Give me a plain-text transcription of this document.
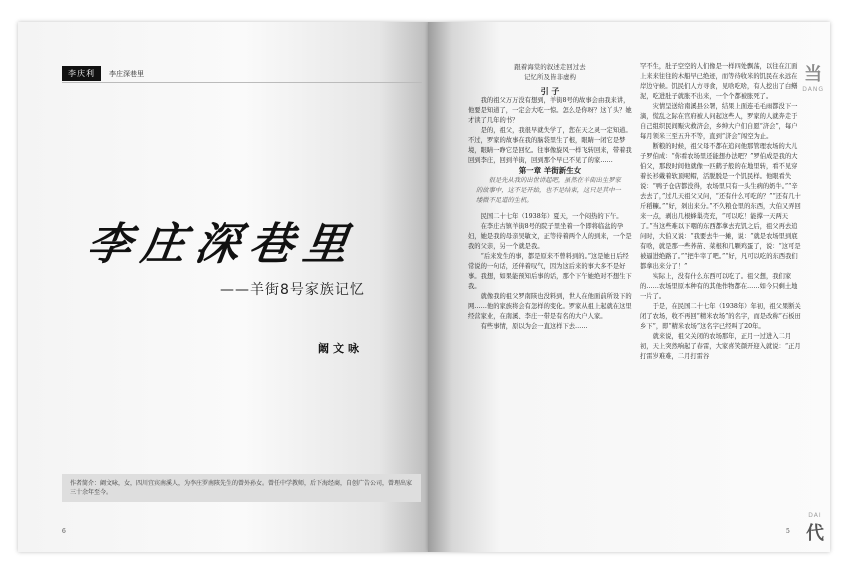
李庆利	李庄深巷里
李庄深巷里
——羊街8号家族记忆
阚文咏
作者简介：阚文咏，女，四川宜宾南溪人，为李庄罗南陔先生的曾外孙女。曾任中学教师，后下海经商，自创广告公司，曾理出家三十余年至今。
6

跟着海棠的叙述走回过去
记忆所及皆非虚构

引 子

我的祖父万万没有想到，羊街8号的故事会由我来讲，他要是知道了，一定会大吃一惊。怎么是你呀？这丫头？她才读了几年的书？

是的，祖父，我很早就失学了，您在天之灵一定知道。不过，罗家的故事在我的脑袋里生了根，眼睛一闭它是梦境，眼睛一睁它是回忆。往事像旋风一样飞转回来，带着我回到李庄，回到羊街，回到那个早已不见了的家……

第一章 羊街新生女

很是先从我的出世讲起吧，虽然在羊街出生罗家的故事中，这不是开始，也不是结束，这只是其中一缕微不足道的生机。

民国二十七年（1938年）夏天，一个闷热的下午。

在李庄古镇羊街8号的院子里坐着一个即将临盆的孕妇，她是我的母亲吴敏文，正等待着两个人的到来，一个是我的父亲，另一个就是我。

“后来发生的事，都是原来不曾料到的。”这是她日后经常说的一句话，还伴着叹气，因为这后来的事大多不是好事。我想，如果能预知后事的话，那个下午她绝对不想生下我。

就像我的祖父罗南陔也没料到，世人在他面前所设下的网……他的家族将会有怎样的变化。罗家从祖上起就在这里经营家业，在南溪、李庄一带是有名的大户人家。

有些事情，原以为会一直这样下去……

罕不生，肚子空空的人们像是一样四处飘荡，以往在江面上来来往往的木船早已绝迹，而等待收米的饥民在永远在岸边守候。饥民们人方寻食，见啥吃啥，有人挖出了白鳝泥，吃进肚子就胀不出来，一个个都被胀死了。

灾情呈送给南溪县公署，结果上面连毛毛雨都没下一滴，慌乱之际在官府被人问起这些人，罗家的人就奔走于自己组织民间赈灾救济会，乡绅大户们自愿“济会”，每户每月领米三至五升不等，直到“济会”闯空为止。

断粮的时候，祖父母不都在追问他那管理农场的大儿子罗伯成：“你看农场里还能想办法吧？”罗伯成是我的大伯父，那段时间他就像一匹鹤子般的在地里转，看不见穿着长衫戴着软顶呢帽，活脱脱是一个饥民样。他眼看失说：“鸭子仓店都没得，农场里只有一头生病的奶牛。”“辛去去了，”过几天祖父又问，“还有什么可吃的？”“还有几十斤稻糠。”“好，剁出来分。”不久粮仓里的东西，大伯又弄回来一点，剥出几根蜂巢壳充，“可以吃！能撑一天两天了。”当这些难以下咽的东西都拿去充饥之后，祖父再去追问时，大伯又说：“我要去牛一摊，说：“就是农场里到底有啥，就是那一些荞苗、菜根和几颗鸡蛋了，说：“这可是被逼进绝路了。”“把牛宰了吧。”“好，凡可以吃的东西我们都拿出来分了！”

实际上，没有什么东西可以吃了。祖父想，我们家的……农场里原本种有的其他作物都在……如今只剩土地一片了。

于是，在民国二十七年（1938年）年初，祖父果断关闭了农场，收不再回“精米农场”的名字，而是改称“石板田乡下”，即“精米农场”这名字已经叫了20年。

就来说，祖父关闭的农场那年，正月一过进入二月初，天上突然响起了春雷，大家喜笑颜开迎入就说：“正月打雷岁难难，二月打雷谷

当
DANG
DAI
代
5
